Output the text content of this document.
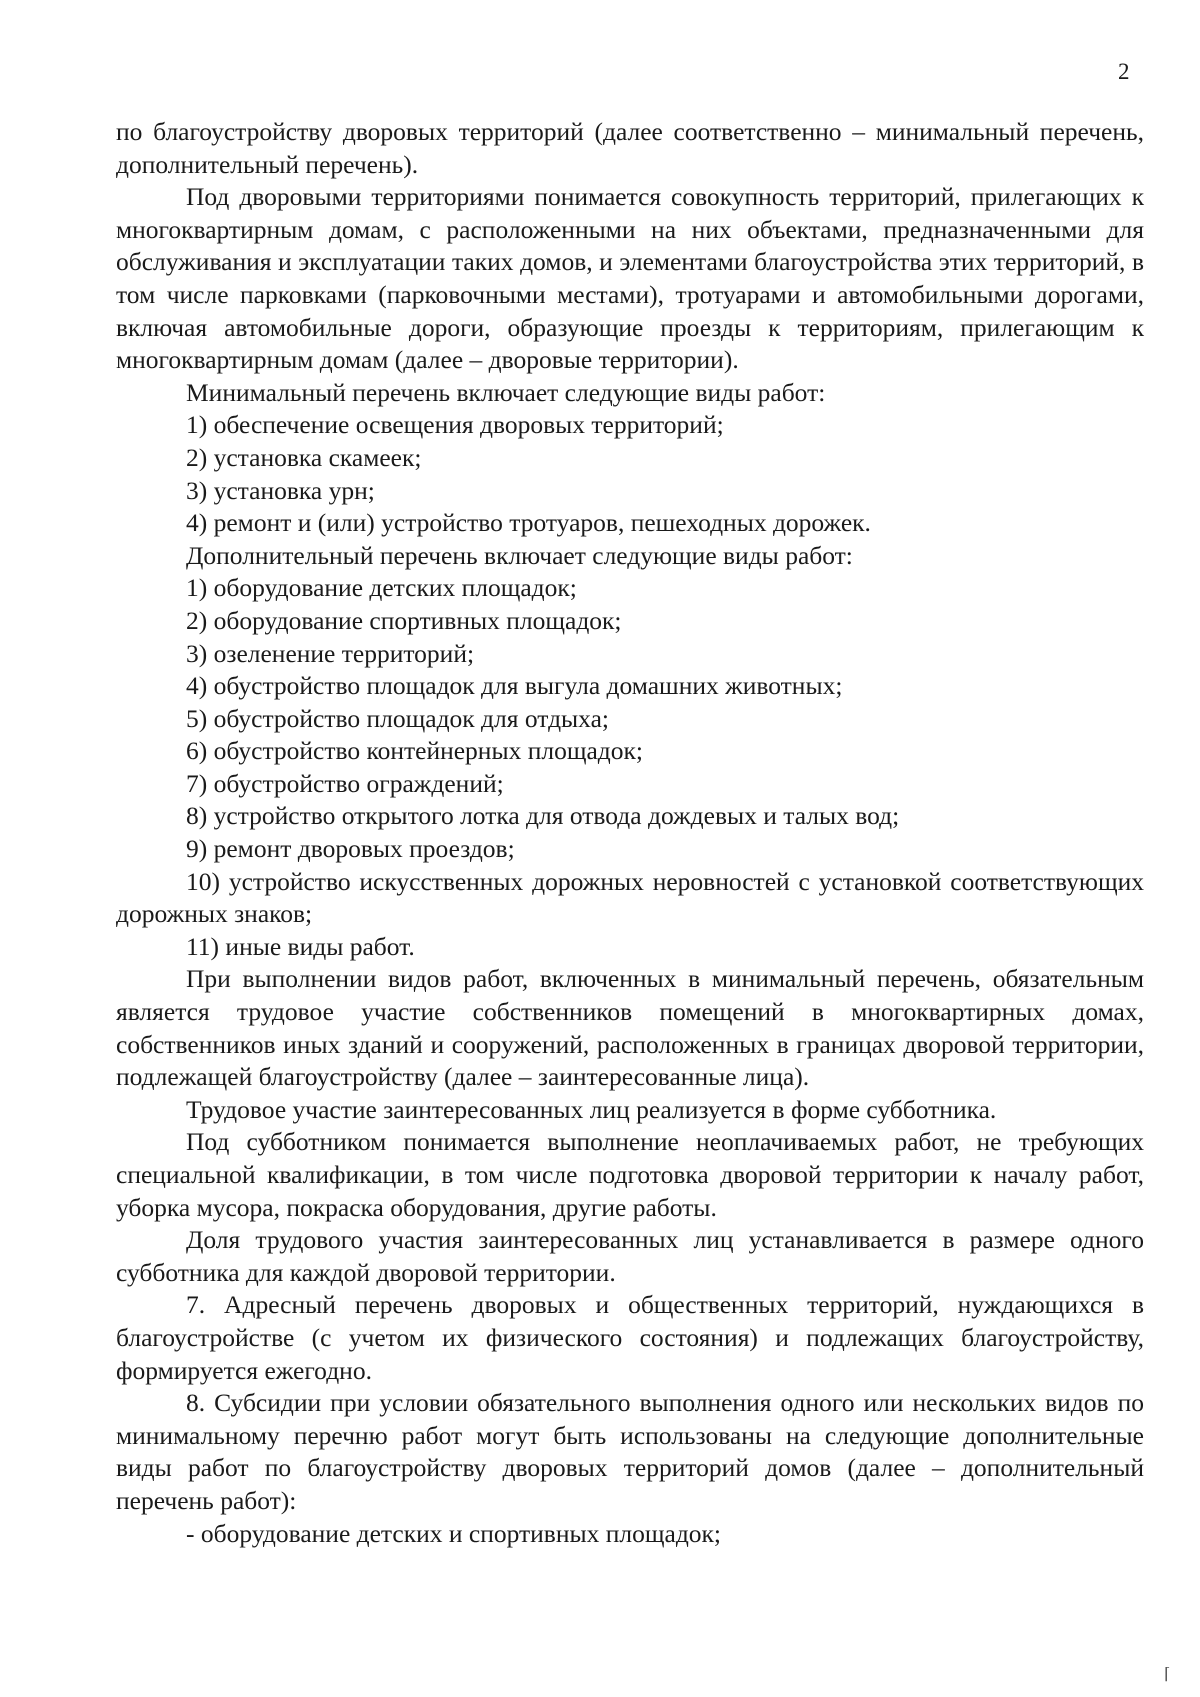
2

по благоустройству дворовых территорий (далее соответственно – минимальный перечень, дополнительный перечень).

Под дворовыми территориями понимается совокупность территорий, прилегающих к многоквартирным домам, с расположенными на них объектами, предназначенными для обслуживания и эксплуатации таких домов, и элементами благоустройства этих территорий, в том числе парковками (парковочными местами), тротуарами и автомобильными дорогами, включая автомобильные дороги, образующие проезды к территориям, прилегающим к многоквартирным домам (далее – дворовые территории).

Минимальный перечень включает следующие виды работ:

1) обеспечение освещения дворовых территорий;

2) установка скамеек;

3) установка урн;

4) ремонт и (или) устройство тротуаров, пешеходных дорожек.

Дополнительный перечень включает следующие виды работ:

1) оборудование детских площадок;

2) оборудование спортивных площадок;

3) озеленение территорий;

4) обустройство площадок для выгула домашних животных;

5) обустройство площадок для отдыха;

6) обустройство контейнерных площадок;

7) обустройство ограждений;

8) устройство открытого лотка для отвода дождевых и талых вод;

9) ремонт дворовых проездов;

10) устройство искусственных дорожных неровностей с установкой соответствующих дорожных знаков;

11) иные виды работ.

При выполнении видов работ, включенных в минимальный перечень, обязательным является трудовое участие собственников помещений в многоквартирных домах, собственников иных зданий и сооружений, расположенных в границах дворовой территории, подлежащей благоустройству (далее – заинтересованные лица).

Трудовое участие заинтересованных лиц реализуется в форме субботника.

Под субботником понимается выполнение неоплачиваемых работ, не требующих специальной квалификации, в том числе подготовка дворовой территории к началу работ, уборка мусора, покраска оборудования, другие работы.

Доля трудового участия заинтересованных лиц устанавливается в размере одного субботника для каждой дворовой территории.

7. Адресный перечень дворовых и общественных территорий, нуждающихся в благоустройстве (с учетом их физического состояния) и подлежащих благоустройству, формируется ежегодно.

8. Субсидии при условии обязательного выполнения одного или нескольких видов по минимальному перечню работ могут быть использованы на следующие дополнительные виды работ по благоустройству дворовых территорий домов (далее – дополнительный перечень работ):

- оборудование детских и спортивных площадок;

⌈
